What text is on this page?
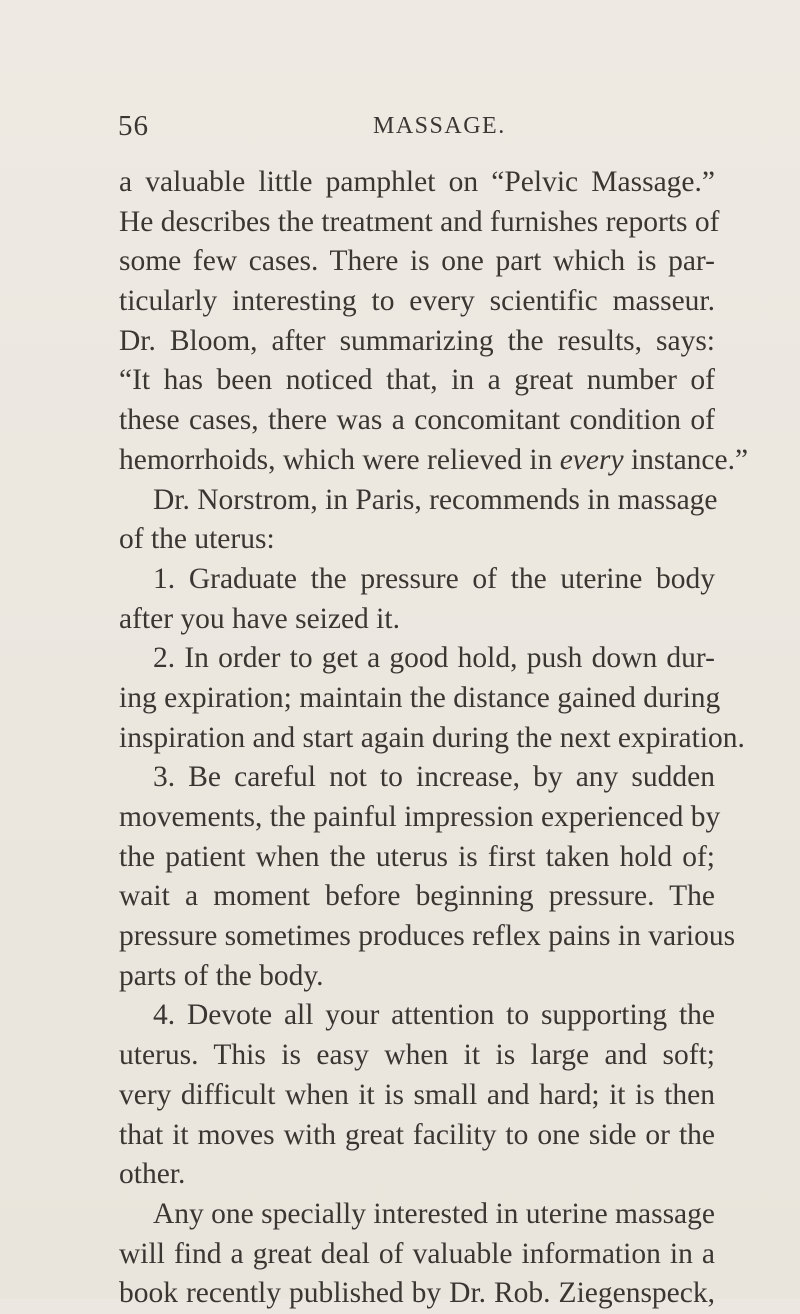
56	MASSAGE.
a valuable little pamphlet on “Pelvic Massage.”
He describes the treatment and furnishes reports of
some few cases. There is one part which is par-
ticularly interesting to every scientific masseur.
Dr. Bloom, after summarizing the results, says:
“It has been noticed that, in a great number of
these cases, there was a concomitant condition of
hemorrhoids, which were relieved in every instance.”
Dr. Norstrom, in Paris, recommends in massage
of the uterus:
1. Graduate the pressure of the uterine body
after you have seized it.
2. In order to get a good hold, push down dur-
ing expiration; maintain the distance gained during
inspiration and start again during the next expiration.
3. Be careful not to increase, by any sudden
movements, the painful impression experienced by
the patient when the uterus is first taken hold of;
wait a moment before beginning pressure. The
pressure sometimes produces reflex pains in various
parts of the body.
4. Devote all your attention to supporting the
uterus. This is easy when it is large and soft;
very difficult when it is small and hard; it is then
that it moves with great facility to one side or the
other.
Any one specially interested in uterine massage
will find a great deal of valuable information in a
book recently published by Dr. Rob. Ziegenspeck,
